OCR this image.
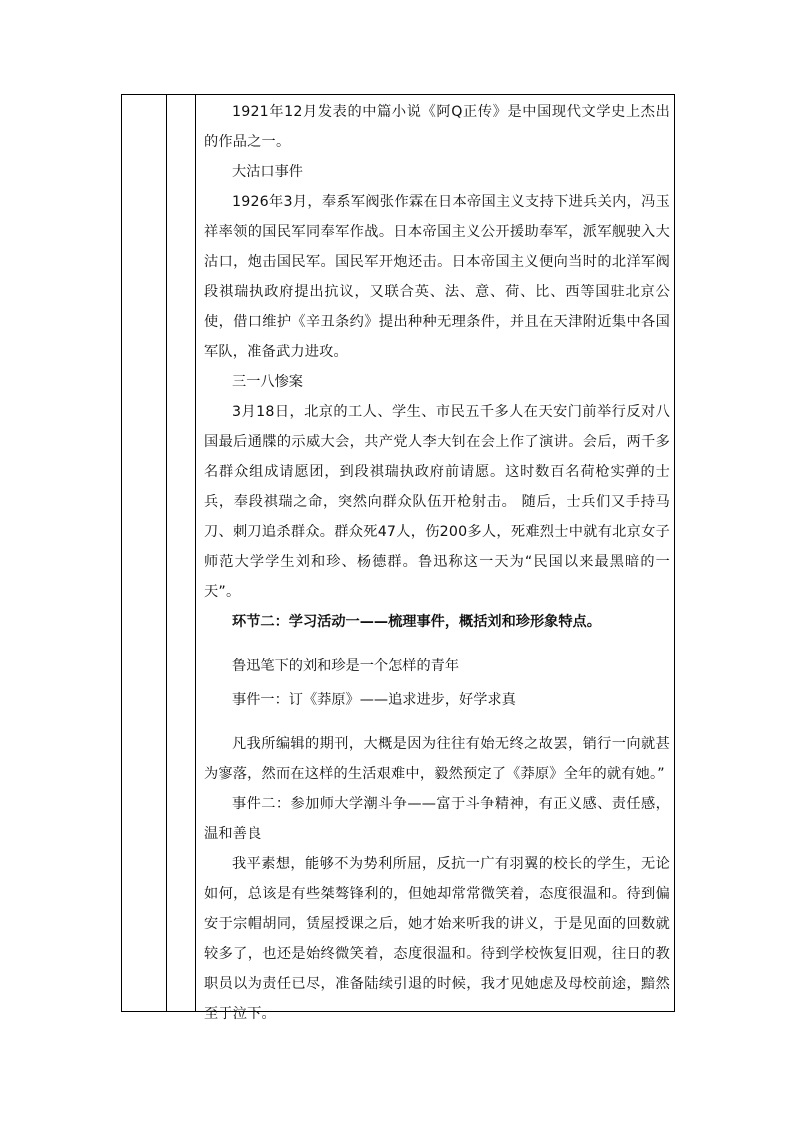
1921年12月发表的中篇小说《阿Q正传》是中国现代文学史上杰出的作品之一。

大沽口事件

1926年3月，奉系军阀张作霖在日本帝国主义支持下进兵关内，冯玉祥率领的国民军同奉军作战。日本帝国主义公开援助奉军，派军舰驶入大沽口，炮击国民军。国民军开炮还击。日本帝国主义便向当时的北洋军阀段祺瑞执政府提出抗议，又联合英、法、意、荷、比、西等国驻北京公使，借口维护《辛丑条约》提出种种无理条件，并且在天津附近集中各国军队，准备武力进攻。

三一八惨案

3月18日，北京的工人、学生、市民五千多人在天安门前举行反对八国最后通牒的示威大会，共产党人李大钊在会上作了演讲。会后，两千多名群众组成请愿团，到段祺瑞执政府前请愿。这时数百名荷枪实弹的士兵，奉段祺瑞之命，突然向群众队伍开枪射击。 随后，士兵们又手持马刀、刺刀追杀群众。群众死47人，伤200多人，死难烈士中就有北京女子师范大学学生刘和珍、杨德群。鲁迅称这一天为“民国以来最黑暗的一天”。

环节二：学习活动一——梳理事件，概括刘和珍形象特点。

鲁迅笔下的刘和珍是一个怎样的青年

事件一：订《莽原》——追求进步，好学求真

凡我所编辑的期刊，大概是因为往往有始无终之故罢，销行一向就甚为寥落，然而在这样的生活艰难中，毅然预定了《莽原》全年的就有她。”

事件二：参加师大学潮斗争——富于斗争精神，有正义感、责任感，温和善良

我平素想，能够不为势利所屈，反抗一广有羽翼的校长的学生，无论如何，总该是有些桀骜锋利的，但她却常常微笑着，态度很温和。待到偏安于宗帽胡同，赁屋授课之后，她才始来听我的讲义，于是见面的回数就较多了，也还是始终微笑着，态度很温和。待到学校恢复旧观，往日的教职员以为责任已尽，准备陆续引退的时候，我才见她虑及母校前途，黯然至于泣下。
